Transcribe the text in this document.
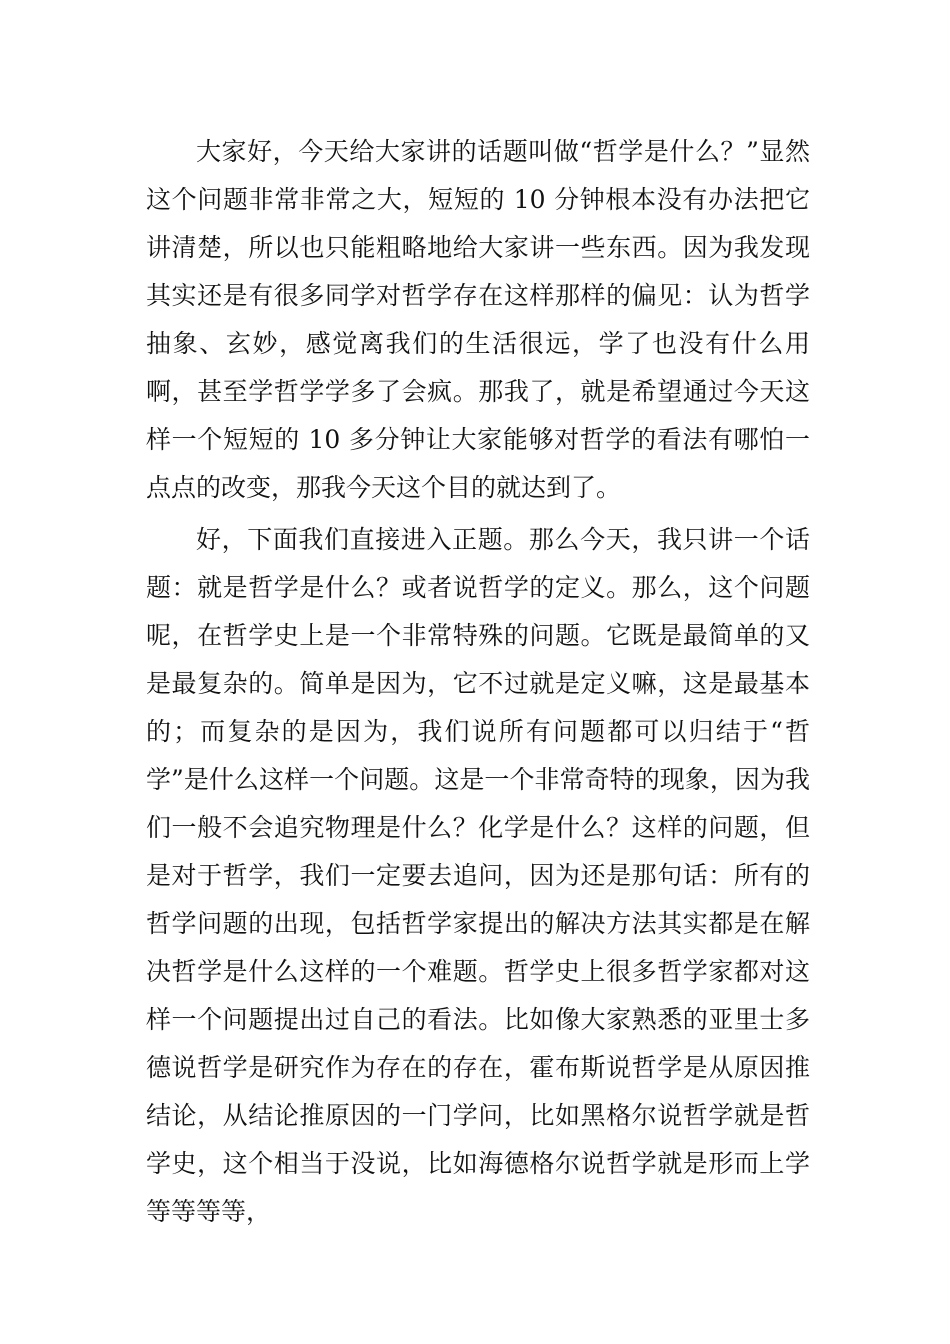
大家好，今天给大家讲的话题叫做“哲学是什么？”显然这个问题非常非常之大，短短的 10 分钟根本没有办法把它讲清楚，所以也只能粗略地给大家讲一些东西。因为我发现其实还是有很多同学对哲学存在这样那样的偏见：认为哲学抽象、玄妙，感觉离我们的生活很远，学了也没有什么用啊，甚至学哲学学多了会疯。那我了，就是希望通过今天这样一个短短的 10 多分钟让大家能够对哲学的看法有哪怕一点点的改变，那我今天这个目的就达到了。

好，下面我们直接进入正题。那么今天，我只讲一个话题：就是哲学是什么？或者说哲学的定义。那么，这个问题呢，在哲学史上是一个非常特殊的问题。它既是最简单的又是最复杂的。简单是因为，它不过就是定义嘛，这是最基本的；而复杂的是因为，我们说所有问题都可以归结于“哲学”是什么这样一个问题。这是一个非常奇特的现象，因为我们一般不会追究物理是什么？化学是什么？这样的问题，但是对于哲学，我们一定要去追问，因为还是那句话：所有的哲学问题的出现，包括哲学家提出的解决方法其实都是在解决哲学是什么这样的一个难题。哲学史上很多哲学家都对这样一个问题提出过自己的看法。比如像大家熟悉的亚里士多德说哲学是研究作为存在的存在，霍布斯说哲学是从原因推结论，从结论推原因的一门学问，比如黑格尔说哲学就是哲学史，这个相当于没说，比如海德格尔说哲学就是形而上学等等等等，
